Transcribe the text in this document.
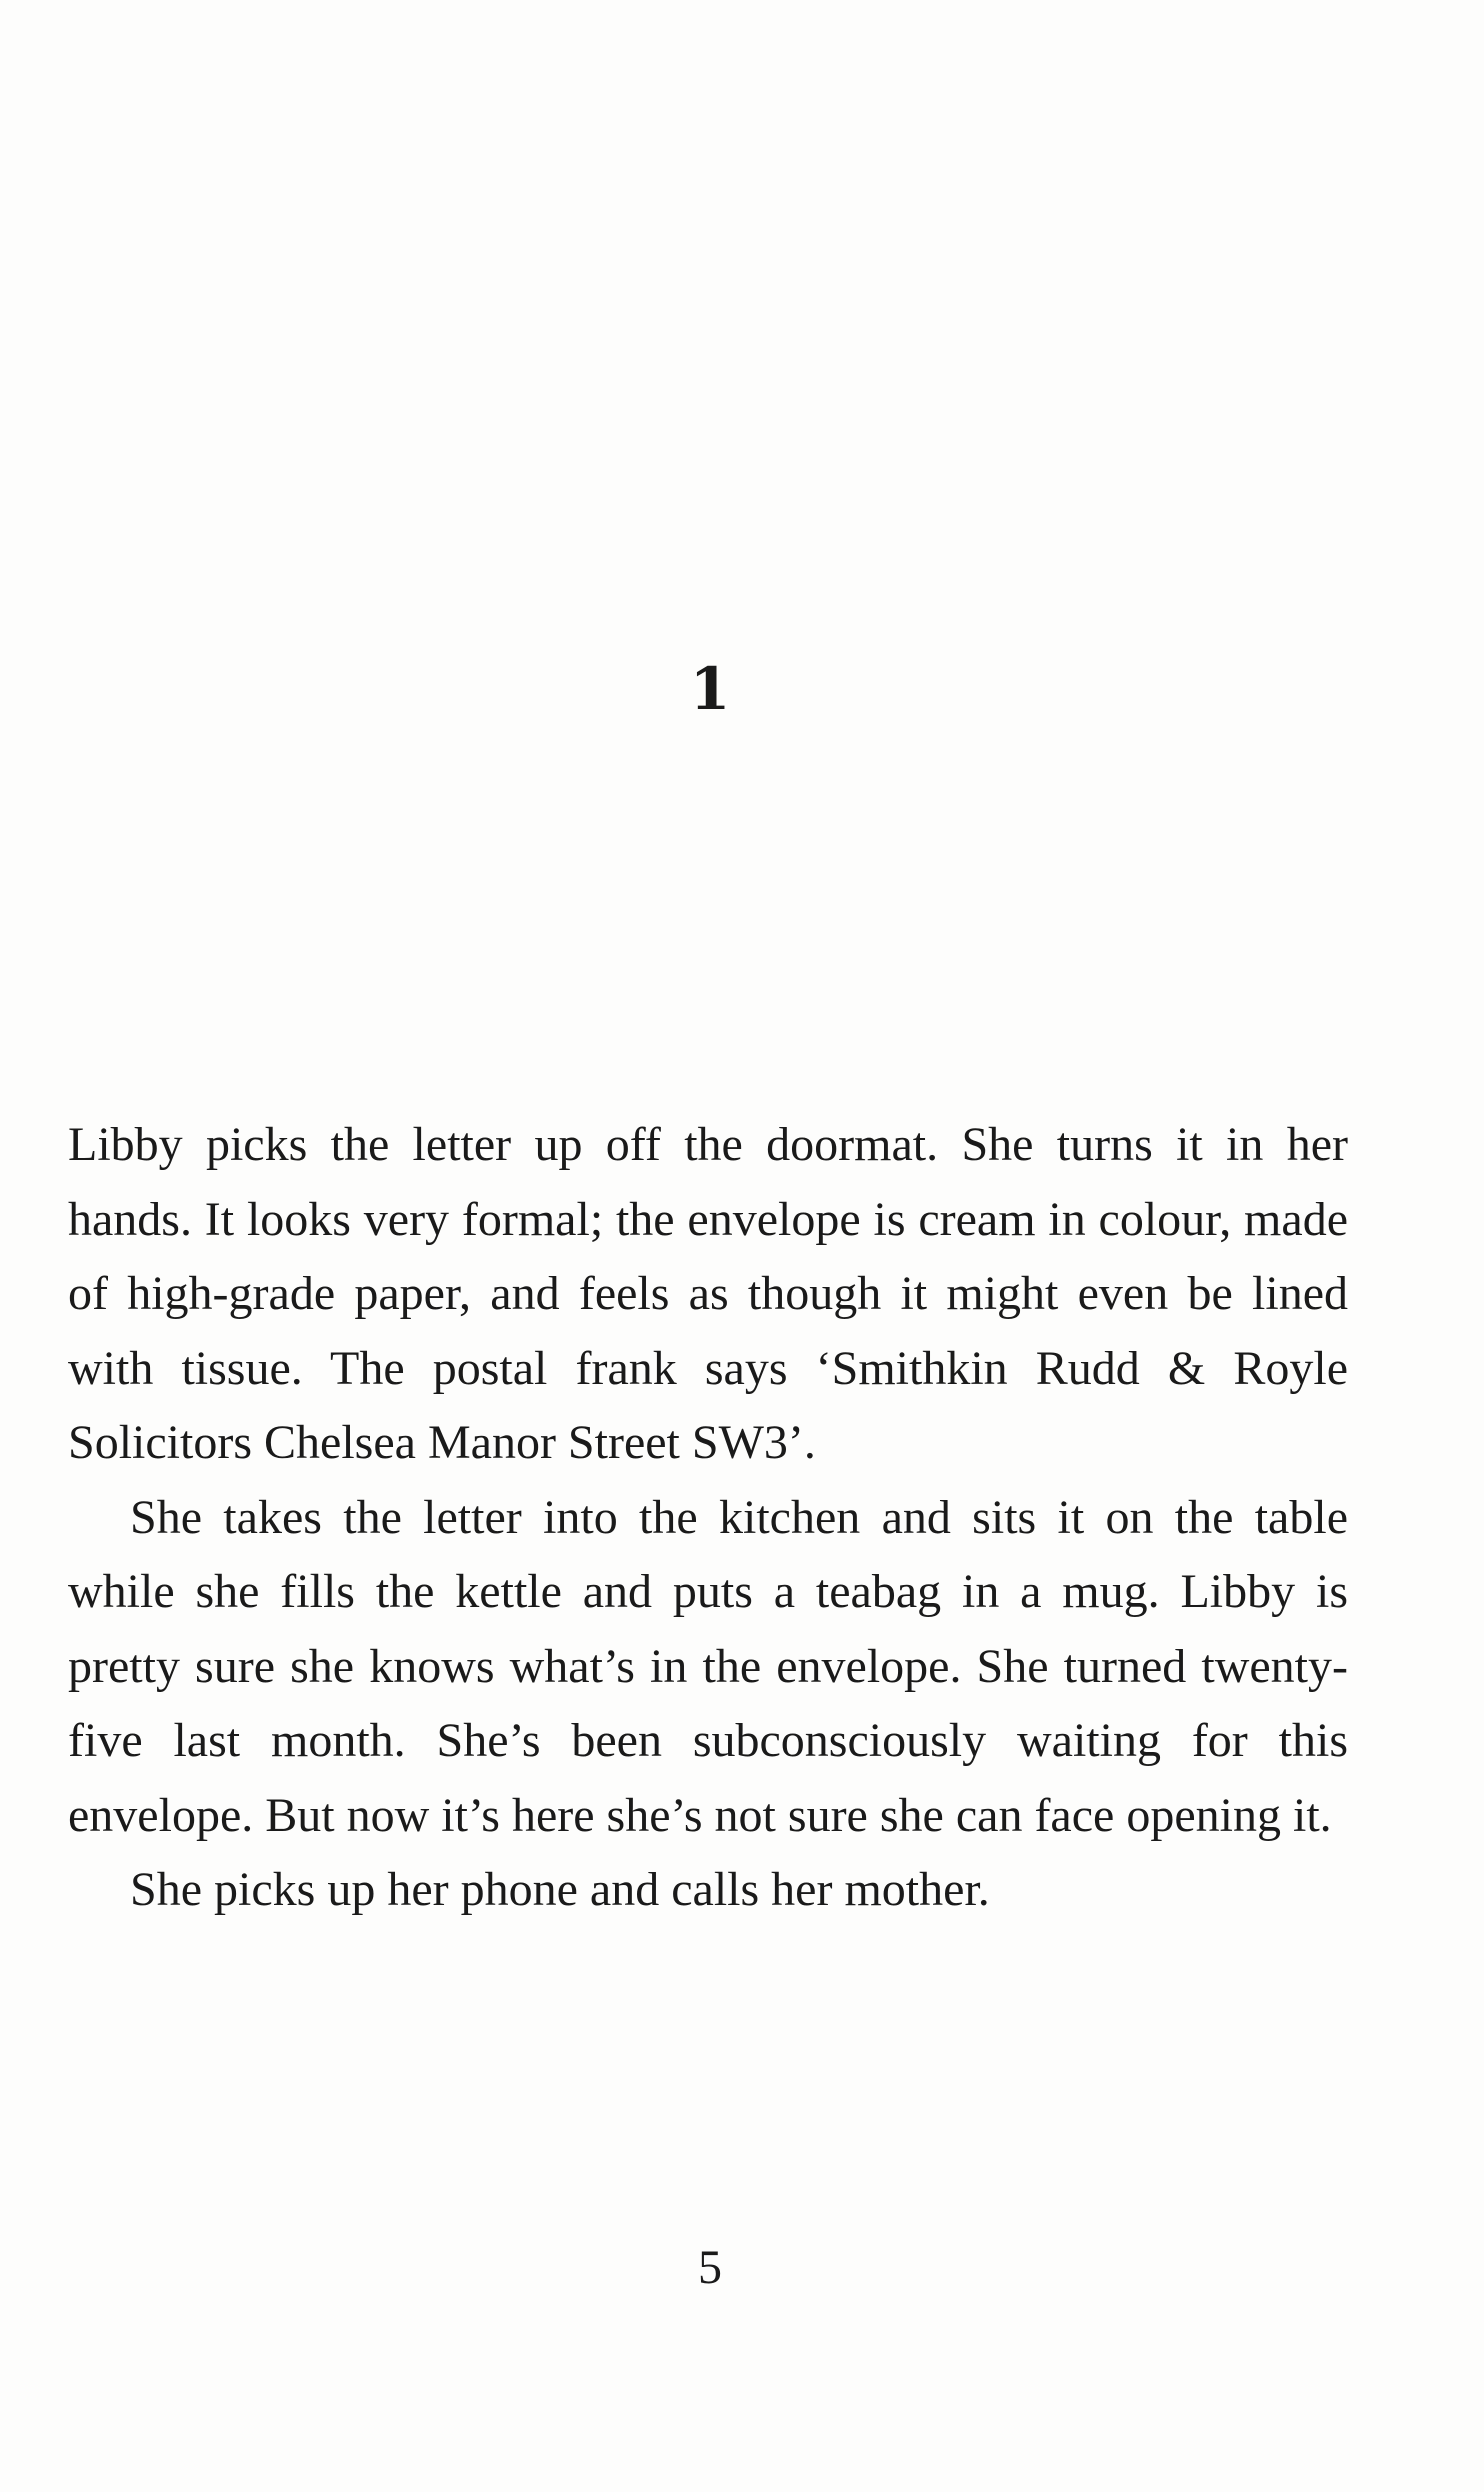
1

Libby picks the letter up off the doormat. She turns it in her hands. It looks very formal; the envelope is cream in colour, made of high-grade paper, and feels as though it might even be lined with tissue. The postal frank says ‘Smithkin Rudd & Royle Solicitors Chelsea Manor Street SW3’.

She takes the letter into the kitchen and sits it on the table while she fills the kettle and puts a teabag in a mug. Libby is pretty sure she knows what’s in the envelope. She turned twenty-five last month. She’s been subconsciously waiting for this envelope. But now it’s here she’s not sure she can face opening it.

She picks up her phone and calls her mother.

5
